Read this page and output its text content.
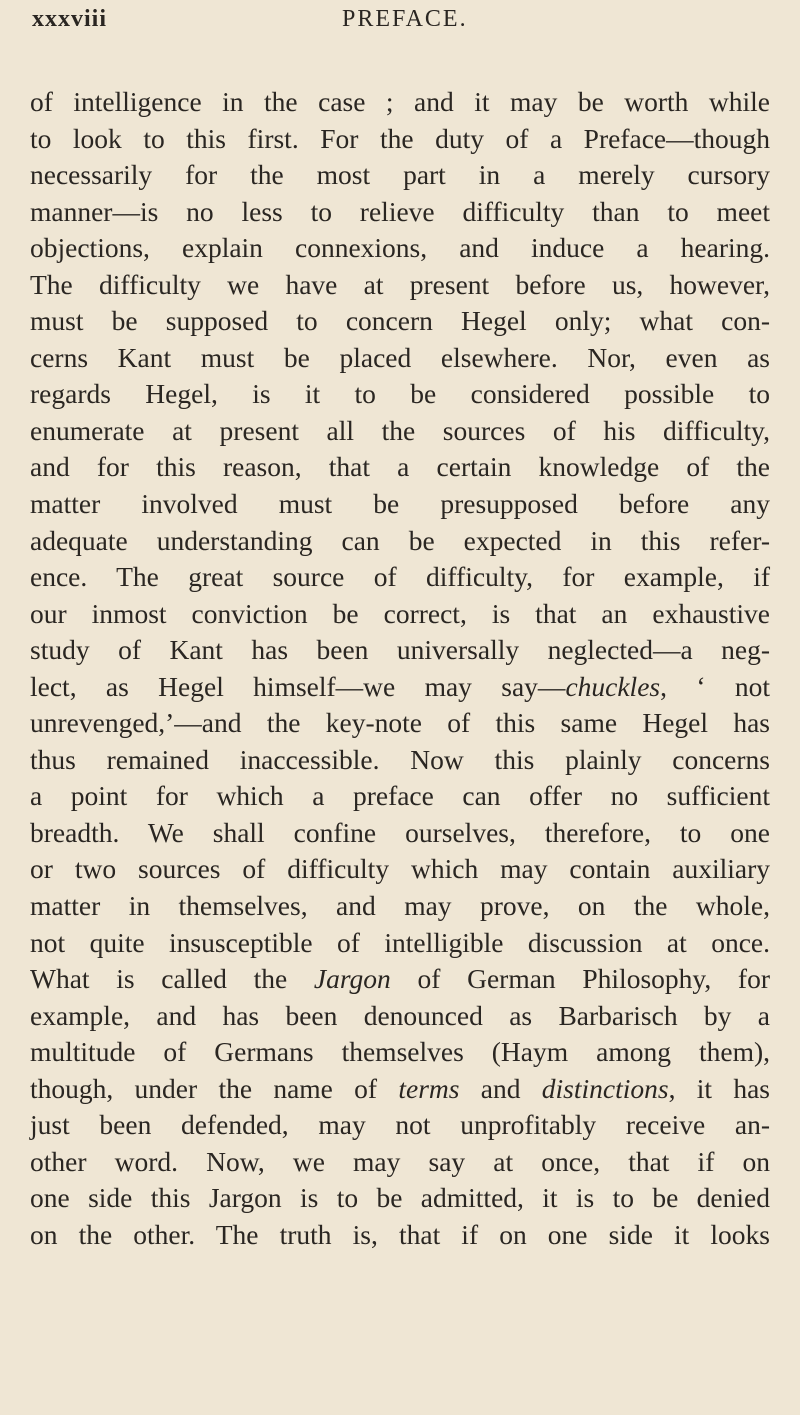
xxxviii	PREFACE.
of intelligence in the case ; and it may be worth while
to look to this first. For the duty of a Preface—though
necessarily for the most part in a merely cursory
manner—is no less to relieve difficulty than to meet
objections, explain connexions, and induce a hearing.
The difficulty we have at present before us, however,
must be supposed to concern Hegel only; what con-
cerns Kant must be placed elsewhere. Nor, even as
regards Hegel, is it to be considered possible to
enumerate at present all the sources of his difficulty,
and for this reason, that a certain knowledge of the
matter involved must be presupposed before any
adequate understanding can be expected in this refer-
ence. The great source of difficulty, for example, if
our inmost conviction be correct, is that an exhaustive
study of Kant has been universally neglected—a neg-
lect, as Hegel himself—we may say—chuckles, ‘ not
unrevenged,’—and the key-note of this same Hegel has
thus remained inaccessible. Now this plainly concerns
a point for which a preface can offer no sufficient
breadth. We shall confine ourselves, therefore, to one
or two sources of difficulty which may contain auxiliary
matter in themselves, and may prove, on the whole,
not quite insusceptible of intelligible discussion at once.
What is called the Jargon of German Philosophy, for
example, and has been denounced as Barbarisch by a
multitude of Germans themselves (Haym among them),
though, under the name of terms and distinctions, it has
just been defended, may not unprofitably receive an-
other word. Now, we may say at once, that if on
one side this Jargon is to be admitted, it is to be denied
on the other. The truth is, that if on one side it looks
